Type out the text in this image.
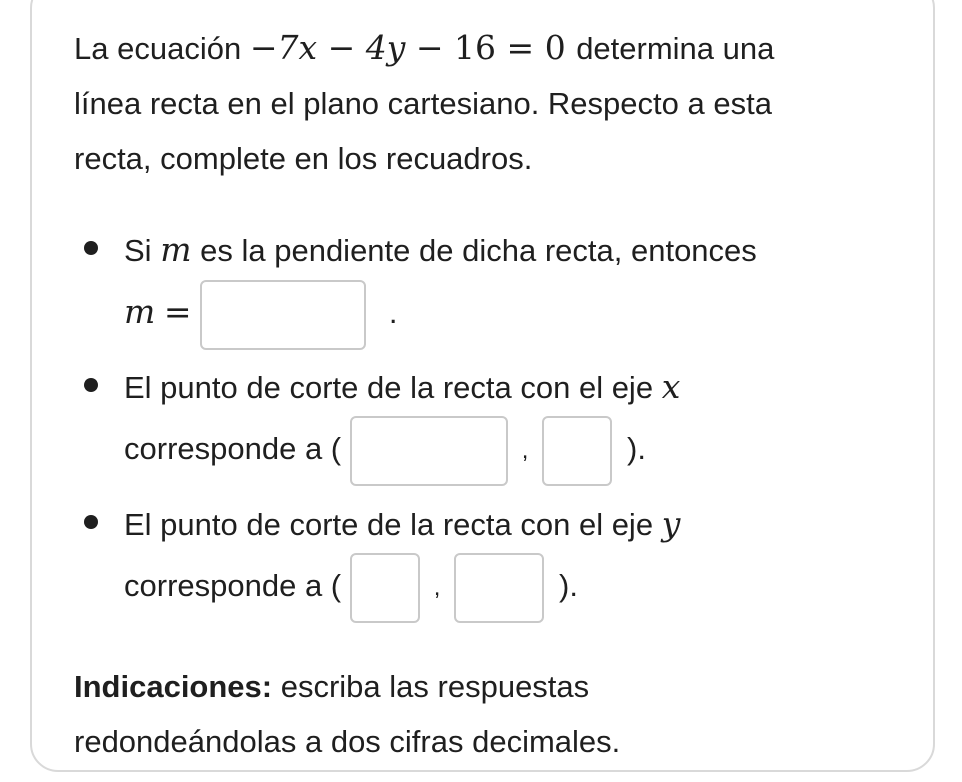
La ecuación −7x − 4y − 16 = 0 determina una
línea recta en el plano cartesiano. Respecto a esta
recta, complete en los recuadros.

Si m es la pendiente de dicha recta, entonces
m =	.
El punto de corte de la recta con el eje x
corresponde a (	,	).
El punto de corte de la recta con el eje y
corresponde a (	,	).

Indicaciones: escriba las respuestas
redondeándolas a dos cifras decimales.
